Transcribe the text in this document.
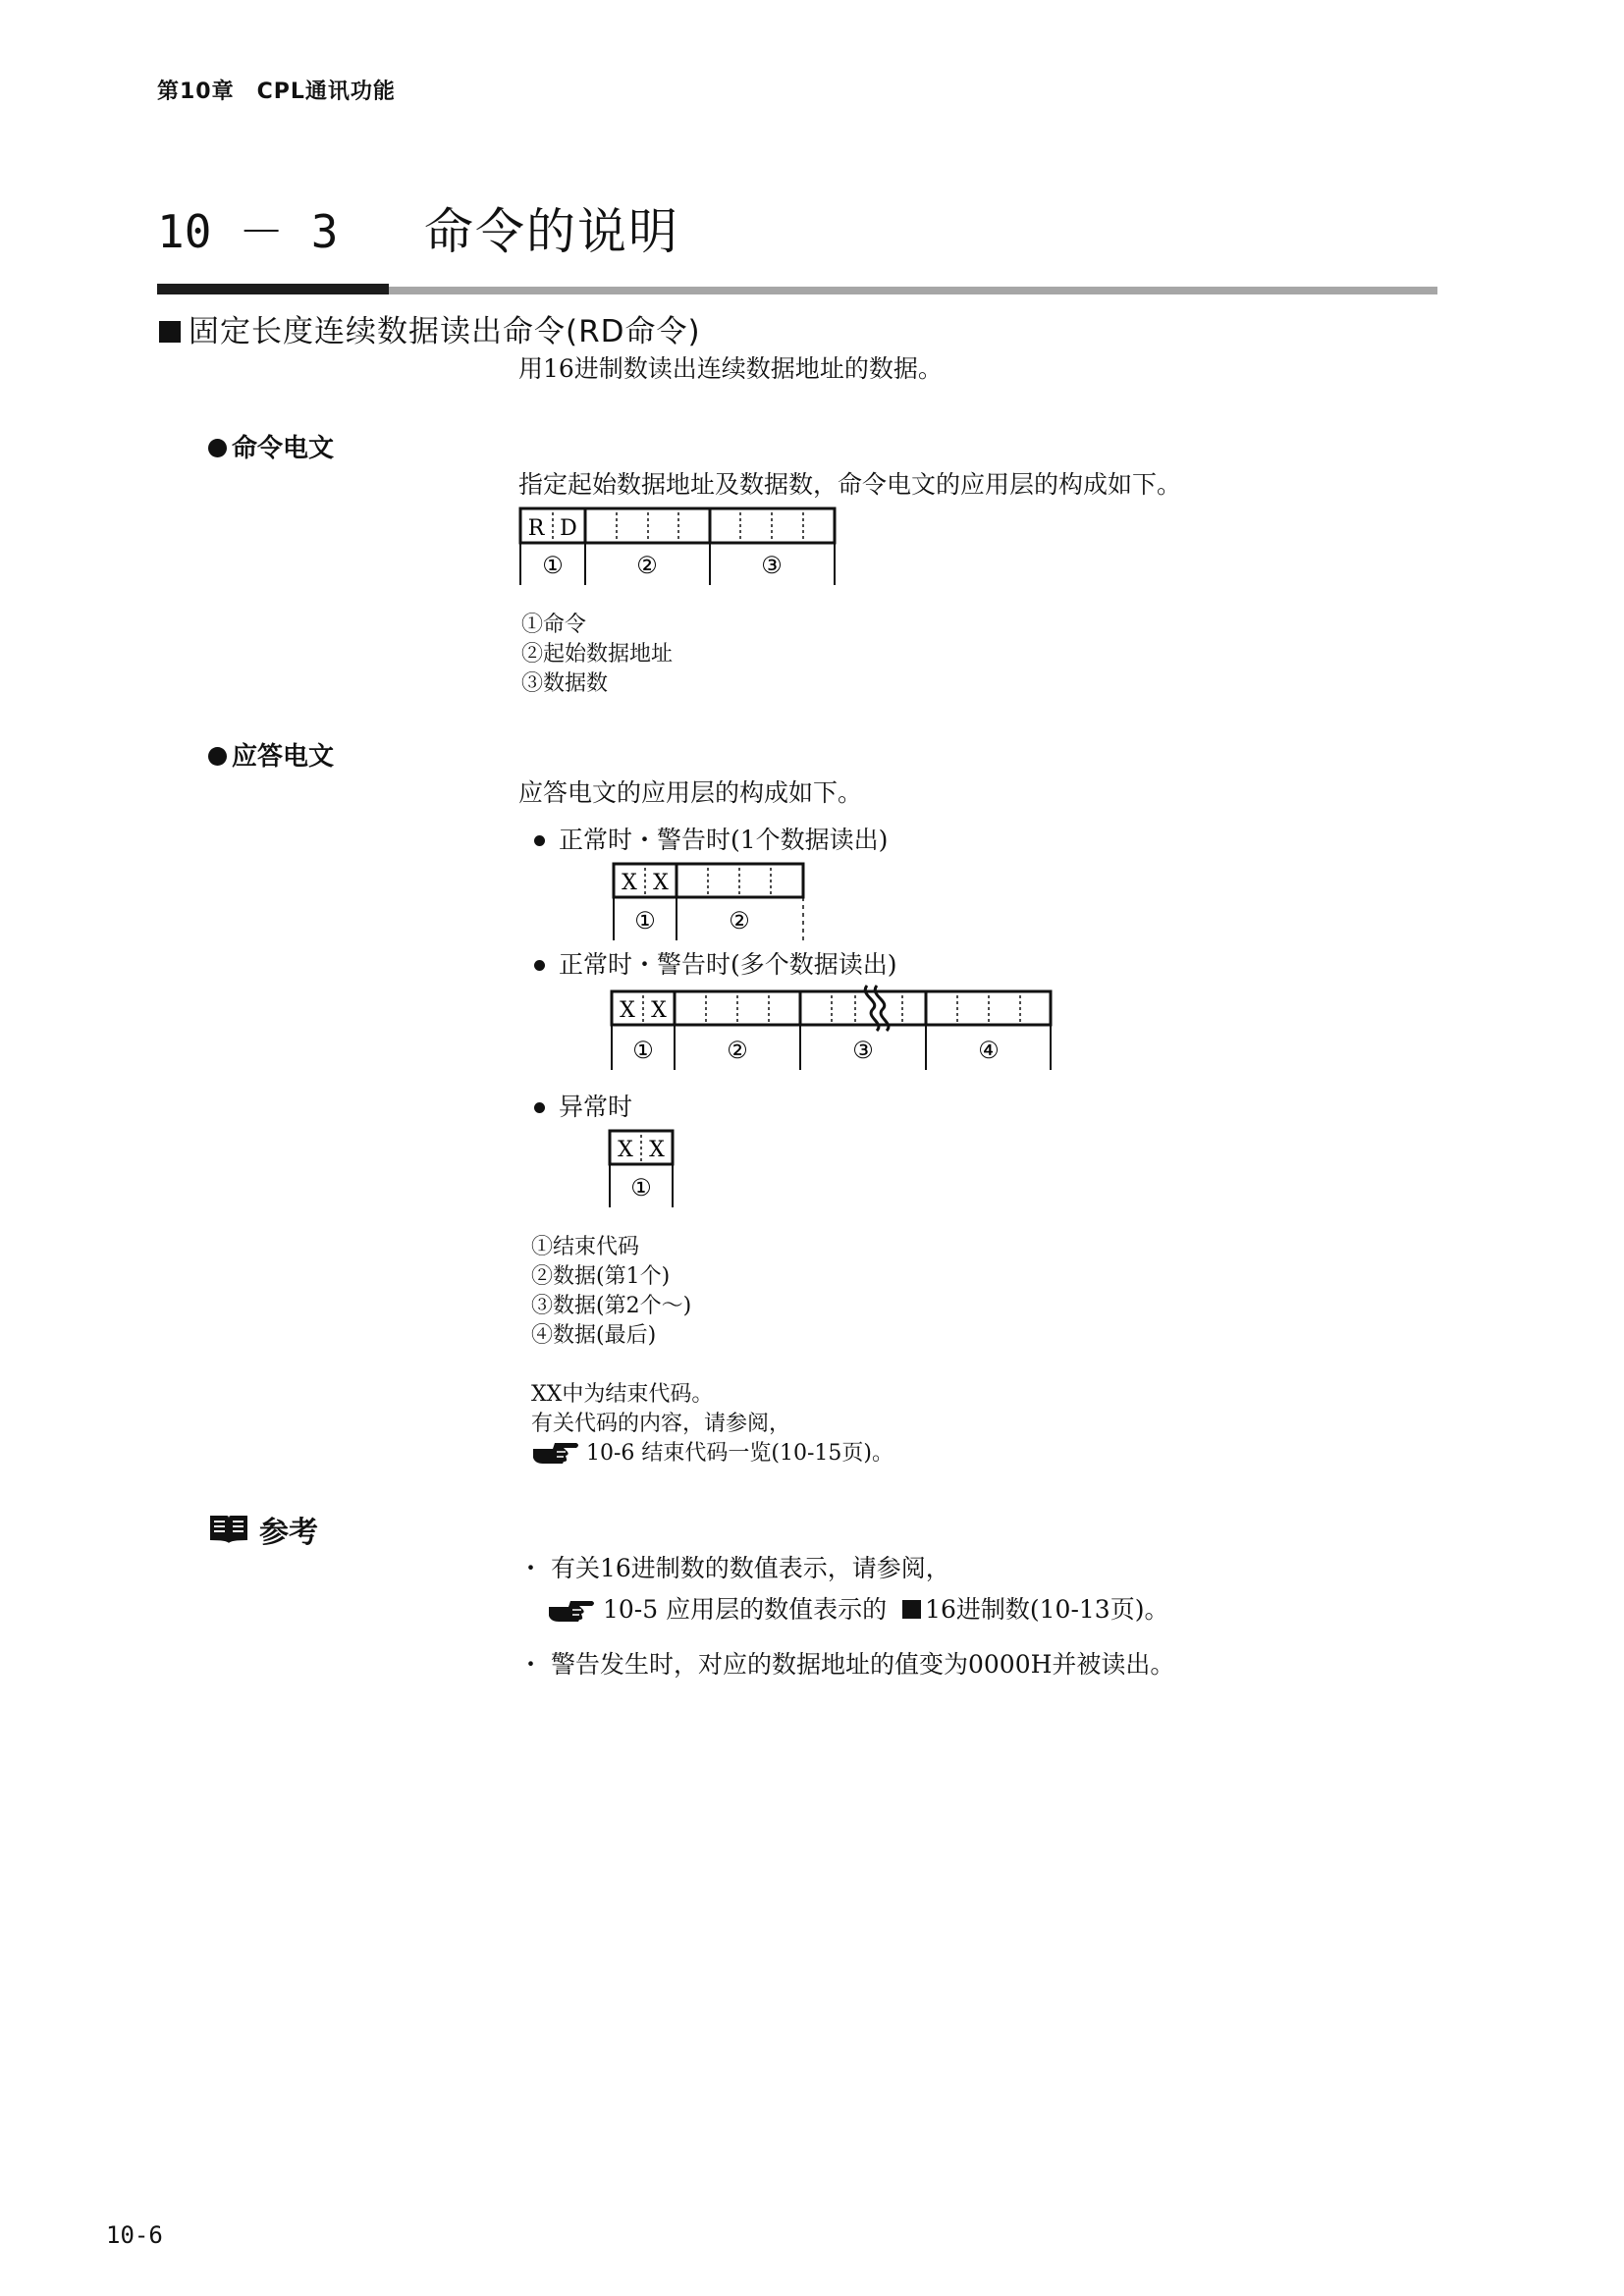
第10章　CPL通讯功能
10 － 3 命令的说明
固定长度连续数据读出命令(RD命令)
用16进制数读出连续数据地址的数据。
命令电文
指定起始数据地址及数据数，命令电文的应用层的构成如下。
R D
①	②	③
①命令
②起始数据地址
③数据数
应答电文
应答电文的应用层的构成如下。
正常时・警告时(1个数据读出)
X X
①	②
正常时・警告时(多个数据读出)
X X
①	②	③	④
异常时
X X
①
①结束代码
②数据(第1个)
③数据(第2个～)
④数据(最后)
XX中为结束代码。
有关代码的内容，请参阅，
10-6 结束代码一览(10-15页)。
参考
・ 有关16进制数的数值表示，请参阅，
10-5 应用层的数值表示的 16进制数(10-13页)。
・ 警告发生时，对应的数据地址的值变为0000H并被读出。
10-6
